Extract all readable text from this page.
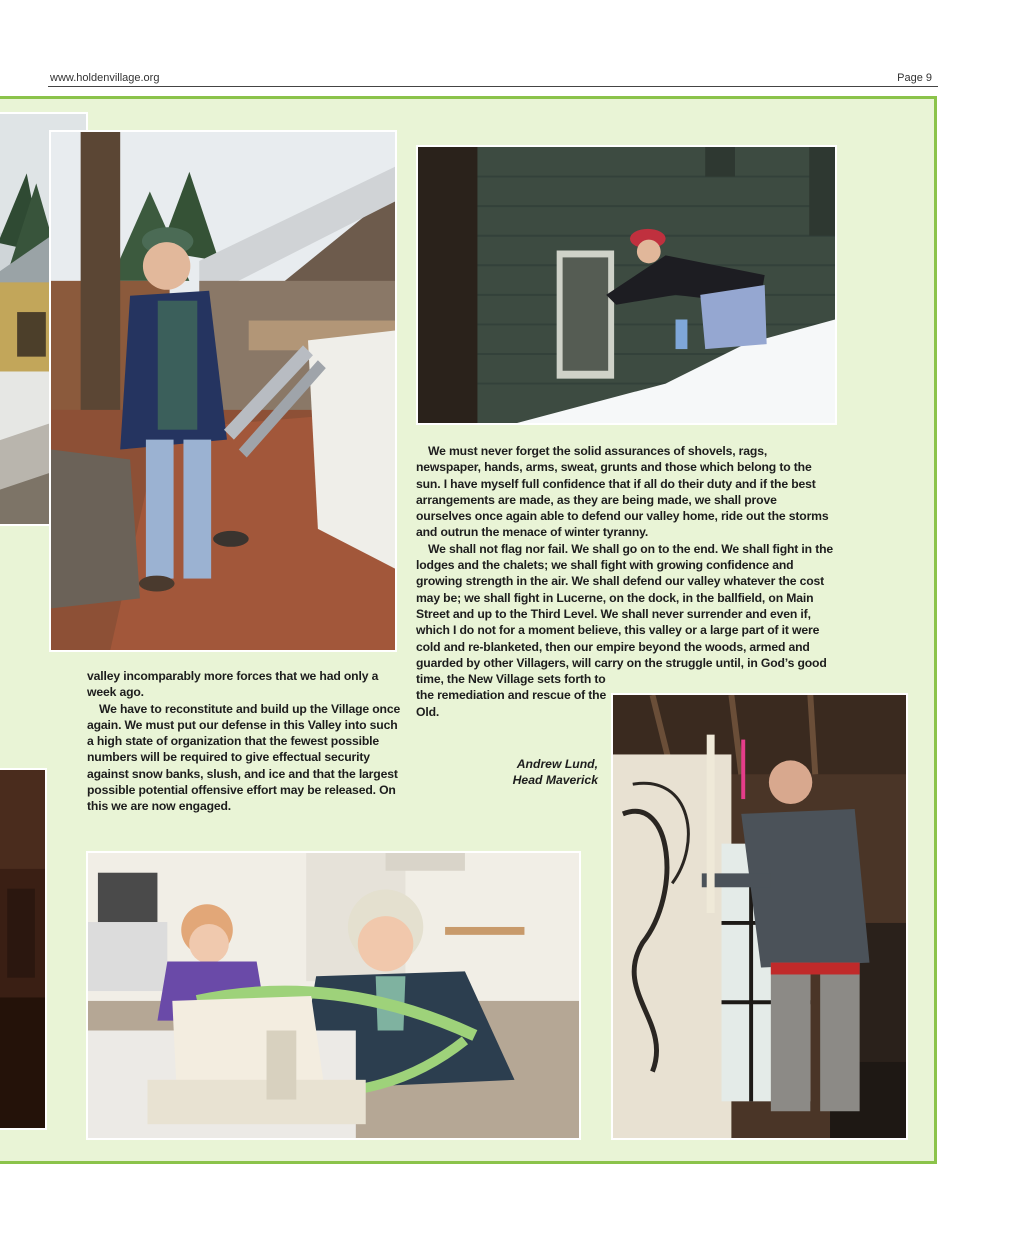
www.holdenvillage.org	Page 9

valley incomparably more forces that we had only a week ago.

We have to reconstitute and build up the Village once again. We must put our defense in this Valley into such a high state of organization that the fewest possible numbers will be required to give effectual security against snow banks, slush, and ice and that the largest possible potential offensive effort may be released. On this we are now engaged.

We must never forget the solid assurances of shovels, rags, newspaper, hands, arms, sweat, grunts and those which belong to the sun. I have myself full confidence that if all do their duty and if the best arrangements are made, as they are being made, we shall prove ourselves once again able to defend our valley home, ride out the storms and outrun the menace of winter tyranny.

We shall not flag nor fail. We shall go on to the end. We shall fight in the lodges and the chalets; we shall fight with growing confidence and growing strength in the air. We shall defend our valley whatever the cost may be; we shall fight in Lucerne, on the dock, in the ballfield, on Main Street and up to the Third Level. We shall never surrender and even if, which I do not for a moment believe, this valley or a large part of it were cold and re-blanketed, then our empire beyond the woods, armed and guarded by other Villagers, will carry on the struggle until, in God’s good time, the New Village sets forth to the remediation and rescue of the Old.

Andrew Lund,
Head Maverick
